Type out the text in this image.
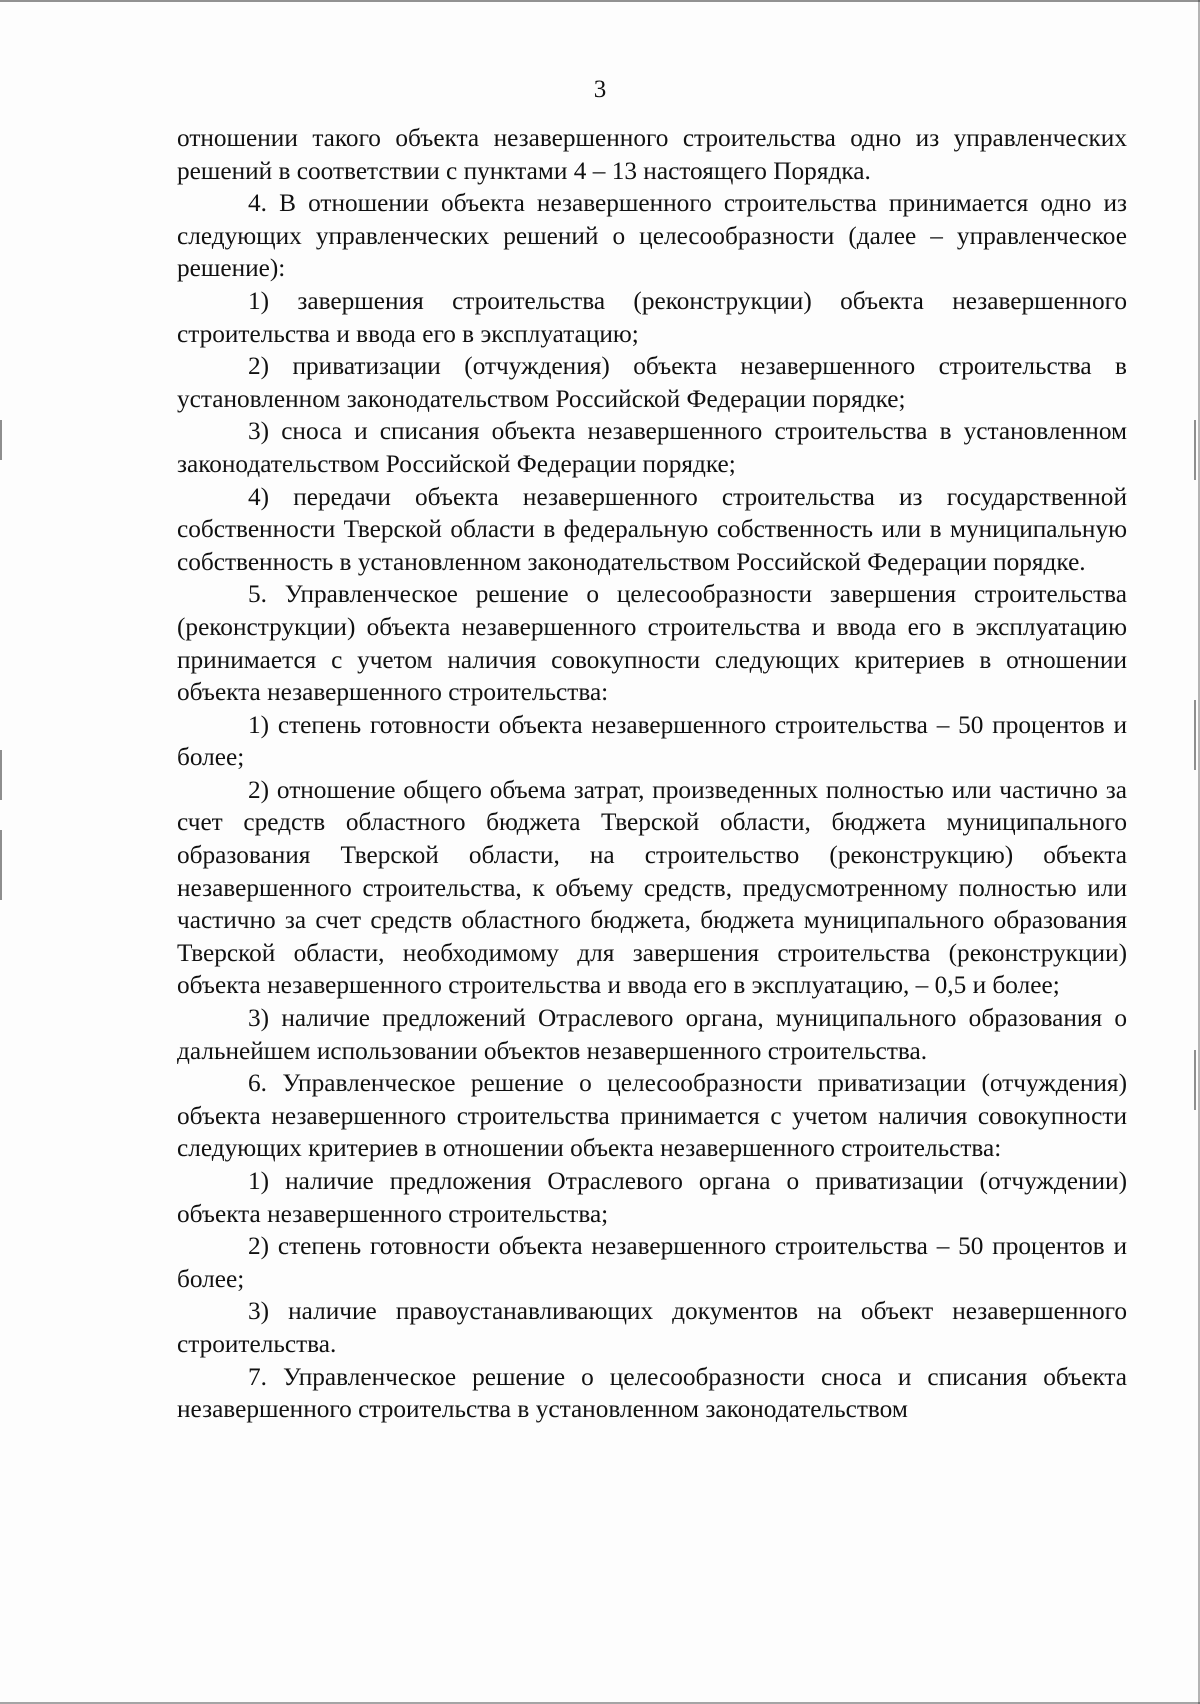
3

отношении такого объекта незавершенного строительства одно из управленческих решений в соответствии с пунктами 4 – 13 настоящего Порядка.

4. В отношении объекта незавершенного строительства принимается одно из следующих управленческих решений о целесообразности (далее – управленческое решение):

1) завершения строительства (реконструкции) объекта незавершенного строительства и ввода его в эксплуатацию;

2) приватизации (отчуждения) объекта незавершенного строительства в установленном законодательством Российской Федерации порядке;

3) сноса и списания объекта незавершенного строительства в установленном законодательством Российской Федерации порядке;

4) передачи объекта незавершенного строительства из государственной собственности Тверской области в федеральную собственность или в муниципальную собственность в установленном законодательством Российской Федерации порядке.

5. Управленческое решение о целесообразности завершения строительства (реконструкции) объекта незавершенного строительства и ввода его в эксплуатацию принимается с учетом наличия совокупности следующих критериев в отношении объекта незавершенного строительства:

1) степень готовности объекта незавершенного строительства – 50 процентов и более;

2) отношение общего объема затрат, произведенных полностью или частично за счет средств областного бюджета Тверской области, бюджета муниципального образования Тверской области, на строительство (реконструкцию) объекта незавершенного строительства, к объему средств, предусмотренному полностью или частично за счет средств областного бюджета, бюджета муниципального образования Тверской области, необходимому для завершения строительства (реконструкции) объекта незавершенного строительства и ввода его в эксплуатацию, – 0,5 и более;

3) наличие предложений Отраслевого органа, муниципального образования о дальнейшем использовании объектов незавершенного строительства.

6. Управленческое решение о целесообразности приватизации (отчуждения) объекта незавершенного строительства принимается с учетом наличия совокупности следующих критериев в отношении объекта незавершенного строительства:

1) наличие предложения Отраслевого органа о приватизации (отчуждении) объекта незавершенного строительства;

2) степень готовности объекта незавершенного строительства – 50 процентов и более;

3) наличие правоустанавливающих документов на объект незавершенного строительства.

7. Управленческое решение о целесообразности сноса и списания объекта незавершенного строительства в установленном законодательством
